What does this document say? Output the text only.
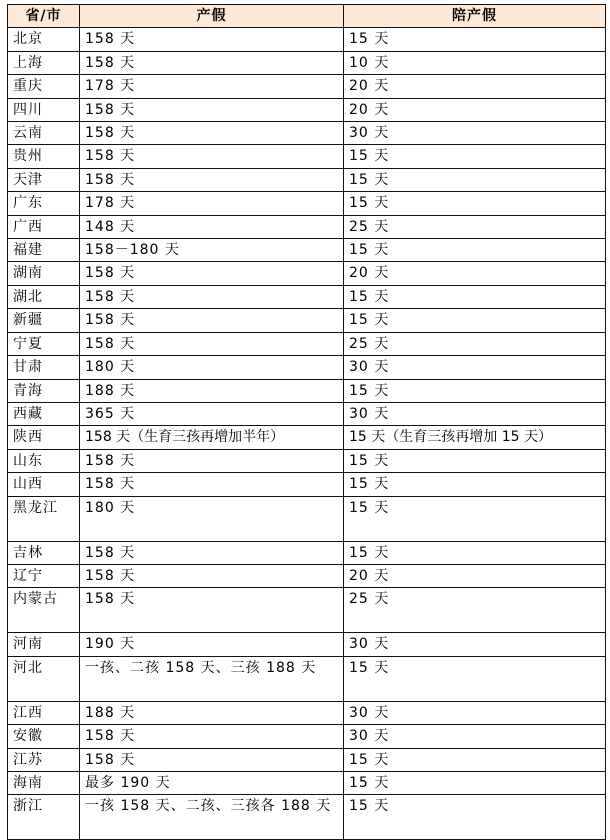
省/市	产假	陪产假
北京	158 天	15 天
上海	158 天	10 天
重庆	178 天	20 天
四川	158 天	20 天
云南	158 天	30 天
贵州	158 天	15 天
天津	158 天	15 天
广东	178 天	15 天
广西	148 天	25 天
福建	158－180 天	15 天
湖南	158 天	20 天
湖北	158 天	15 天
新疆	158 天	15 天
宁夏	158 天	25 天
甘肃	180 天	30 天
青海	188 天	15 天
西藏	365 天	30 天
陕西	158 天（生育三孩再增加半年）	15 天（生育三孩再增加 15 天）
山东	158 天	15 天
山西	158 天	15 天
黑龙江	180 天	15 天
吉林	158 天	15 天
辽宁	158 天	20 天
内蒙古	158 天	25 天
河南	190 天	30 天
河北	一孩、二孩 158 天、三孩 188 天	15 天
江西	188 天	30 天
安徽	158 天	30 天
江苏	158 天	15 天
海南	最多 190 天	15 天
浙江	一孩 158 天、二孩、三孩各 188 天	15 天
